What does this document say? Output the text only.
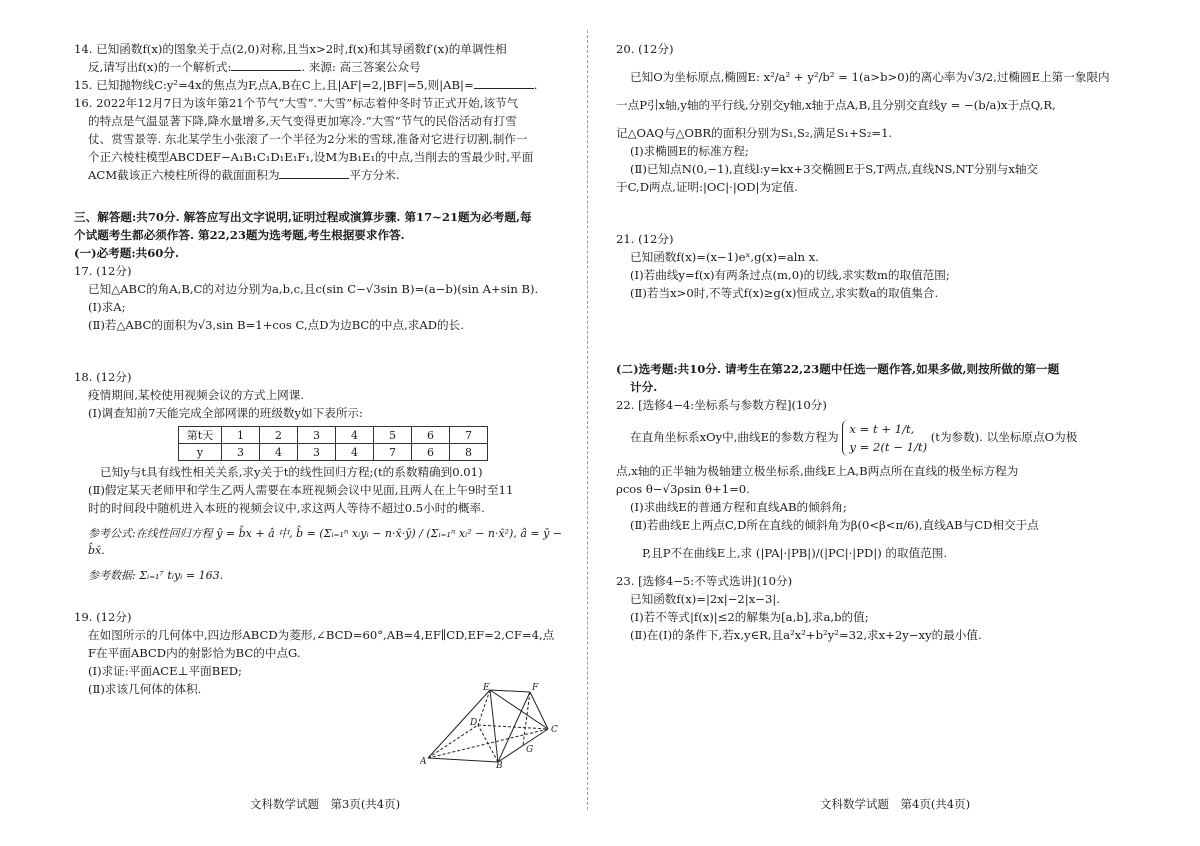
14. 已知函数f(x)的图象关于点(2,0)对称,且当x>2时,f(x)和其导函数f′(x)的单调性相

反,请写出f(x)的一个解析式:	. 来源: 高三答案公众号

15. 已知抛物线C:y²=4x的焦点为F,点A,B在C上,且|AF|=2,|BF|=5,则|AB|=	.

16. 2022年12月7日为该年第21个节气“大雪”.“大雪”标志着仲冬时节正式开始,该节气

的特点是气温显著下降,降水量增多,天气变得更加寒冷.“大雪”节气的民俗活动有打雪

仗、赏雪景等. 东北某学生小张滚了一个半径为2分米的雪球,准备对它进行切割,制作一

个正六棱柱模型ABCDEF−A₁B₁C₁D₁E₁F₁,设M为B₁E₁的中点,当削去的雪最少时,平面

ACM截该正六棱柱所得的截面面积为	平方分米.

三、解答题:共70分. 解答应写出文字说明,证明过程或演算步骤. 第17~21题为必考题,每

个试题考生都必须作答. 第22,23题为选考题,考生根据要求作答.

(一)必考题:共60分.

17. (12分)

已知△ABC的角A,B,C的对边分别为a,b,c,且c(sin C−√3sin B)=(a−b)(sin A+sin B).

(Ⅰ)求A;

(Ⅱ)若△ABC的面积为√3,sin B=1+cos C,点D为边BC的中点,求AD的长.

18. (12分)

疫情期间,某校使用视频会议的方式上网课.

(Ⅰ)调查知前7天能完成全部网课的班级数y如下表所示:

第t天	1	2	3	4	5	6	7
y	3	4	3	4	7	6	8

已知y与t具有线性相关关系,求y关于t的线性回归方程;(t的系数精确到0.01)

(Ⅱ)假定某天老师甲和学生乙两人需要在本班视频会议中见面,且两人在上午9时至11

时的时间段中随机进入本班的视频会议中,求这两人等待不超过0.5小时的概率.

参考公式:在线性回归方程 ŷ = b̂x + â 中, b̂ = (Σᵢ₌₁ⁿ xᵢyᵢ − n·x̄·ȳ) / (Σᵢ₌₁ⁿ xᵢ² − n·x̄²), â = ȳ − b̂x̄.

参考数据: Σᵢ₌₁⁷ tᵢyᵢ = 163.

19. (12分)

在如图所示的几何体中,四边形ABCD为菱形,∠BCD=60°,AB=4,EF∥CD,EF=2,CF=4,点

F在平面ABCD内的射影恰为BC的中点G.

(Ⅰ)求证:平面ACE⊥平面BED;

(Ⅱ)求该几何体的体积.	E	F
A	B
C
D
G
文科数学试题　第3页(共4页)

20. (12分)

已知O为坐标原点,椭圆E: x²/a² + y²/b² = 1(a>b>0)的离心率为√3/2,过椭圆E上第一象限内

一点P引x轴,y轴的平行线,分别交y轴,x轴于点A,B,且分别交直线y = −(b/a)x于点Q,R,

记△OAQ与△OBR的面积分别为S₁,S₂,满足S₁+S₂=1.

(Ⅰ)求椭圆E的标准方程;

(Ⅱ)已知点N(0,−1),直线l:y=kx+3交椭圆E于S,T两点,直线NS,NT分别与x轴交

于C,D两点,证明:|OC|·|OD|为定值.

21. (12分)

已知函数f(x)=(x−1)eˣ,g(x)=aln x.

(Ⅰ)若曲线y=f(x)有两条过点(m,0)的切线,求实数m的取值范围;

(Ⅱ)若当x>0时,不等式f(x)≥g(x)恒成立,求实数a的取值集合.

(二)选考题:共10分. 请考生在第22,23题中任选一题作答,如果多做,则按所做的第一题

计分.

22. [选修4−4:坐标系与参数方程](10分)

在直角坐标系xOy中,曲线E的参数方程为 x = t + 1/t,
y = 2(t − 1/t) (t为参数). 以坐标原点O为极

点,x轴的正半轴为极轴建立极坐标系,曲线E上A,B两点所在直线的极坐标方程为

ρcos θ−√3ρsin θ+1=0.

(Ⅰ)求曲线E的普通方程和直线AB的倾斜角;

(Ⅱ)若曲线E上两点C,D所在直线的倾斜角为β(0<β<π/6),直线AB与CD相交于点

P,且P不在曲线E上,求 (|PA|·|PB|)/(|PC|·|PD|) 的取值范围.

23. [选修4−5:不等式选讲](10分)

已知函数f(x)=|2x|−2|x−3|.

(Ⅰ)若不等式|f(x)|≤2的解集为[a,b],求a,b的值;

(Ⅱ)在(Ⅰ)的条件下,若x,y∈R,且a²x²+b²y²=32,求x+2y−xy的最小值.

文科数学试题　第4页(共4页)
